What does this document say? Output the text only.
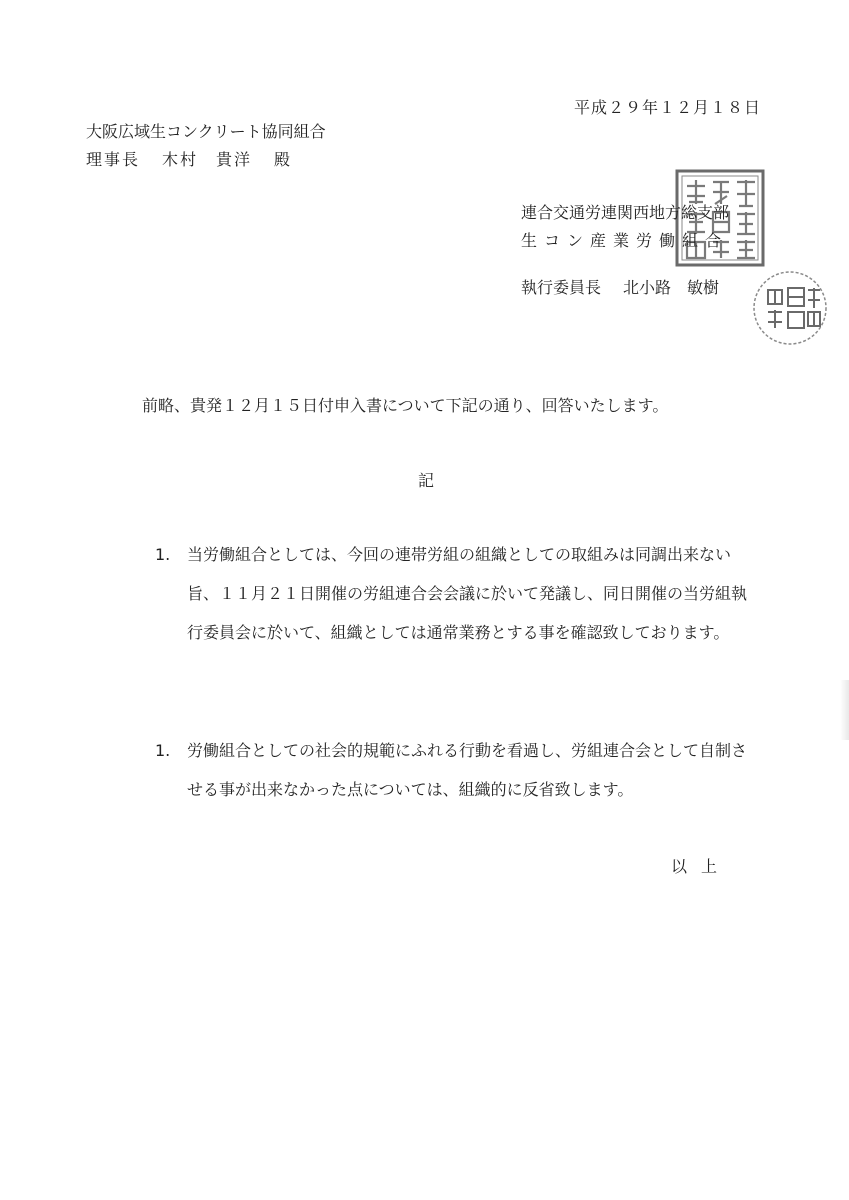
平成２９年１２月１８日
大阪広域生コンクリート協同組合
理事長 木村　貴洋 殿
連合交通労連関西地方総支部
生コン産業労働組合
執行委員長 北小路　敏樹
前略、貴発１２月１５日付申入書について下記の通り、回答いたします。
記
1. 当労働組合としては、今回の連帯労組の組織としての取組みは同調出来ない旨、１１月２１日開催の労組連合会会議に於いて発議し、同日開催の当労組執行委員会に於いて、組織としては通常業務とする事を確認致しております。
1. 労働組合としての社会的規範にふれる行動を看過し、労組連合会として自制させる事が出来なかった点については、組織的に反省致します。
以上
